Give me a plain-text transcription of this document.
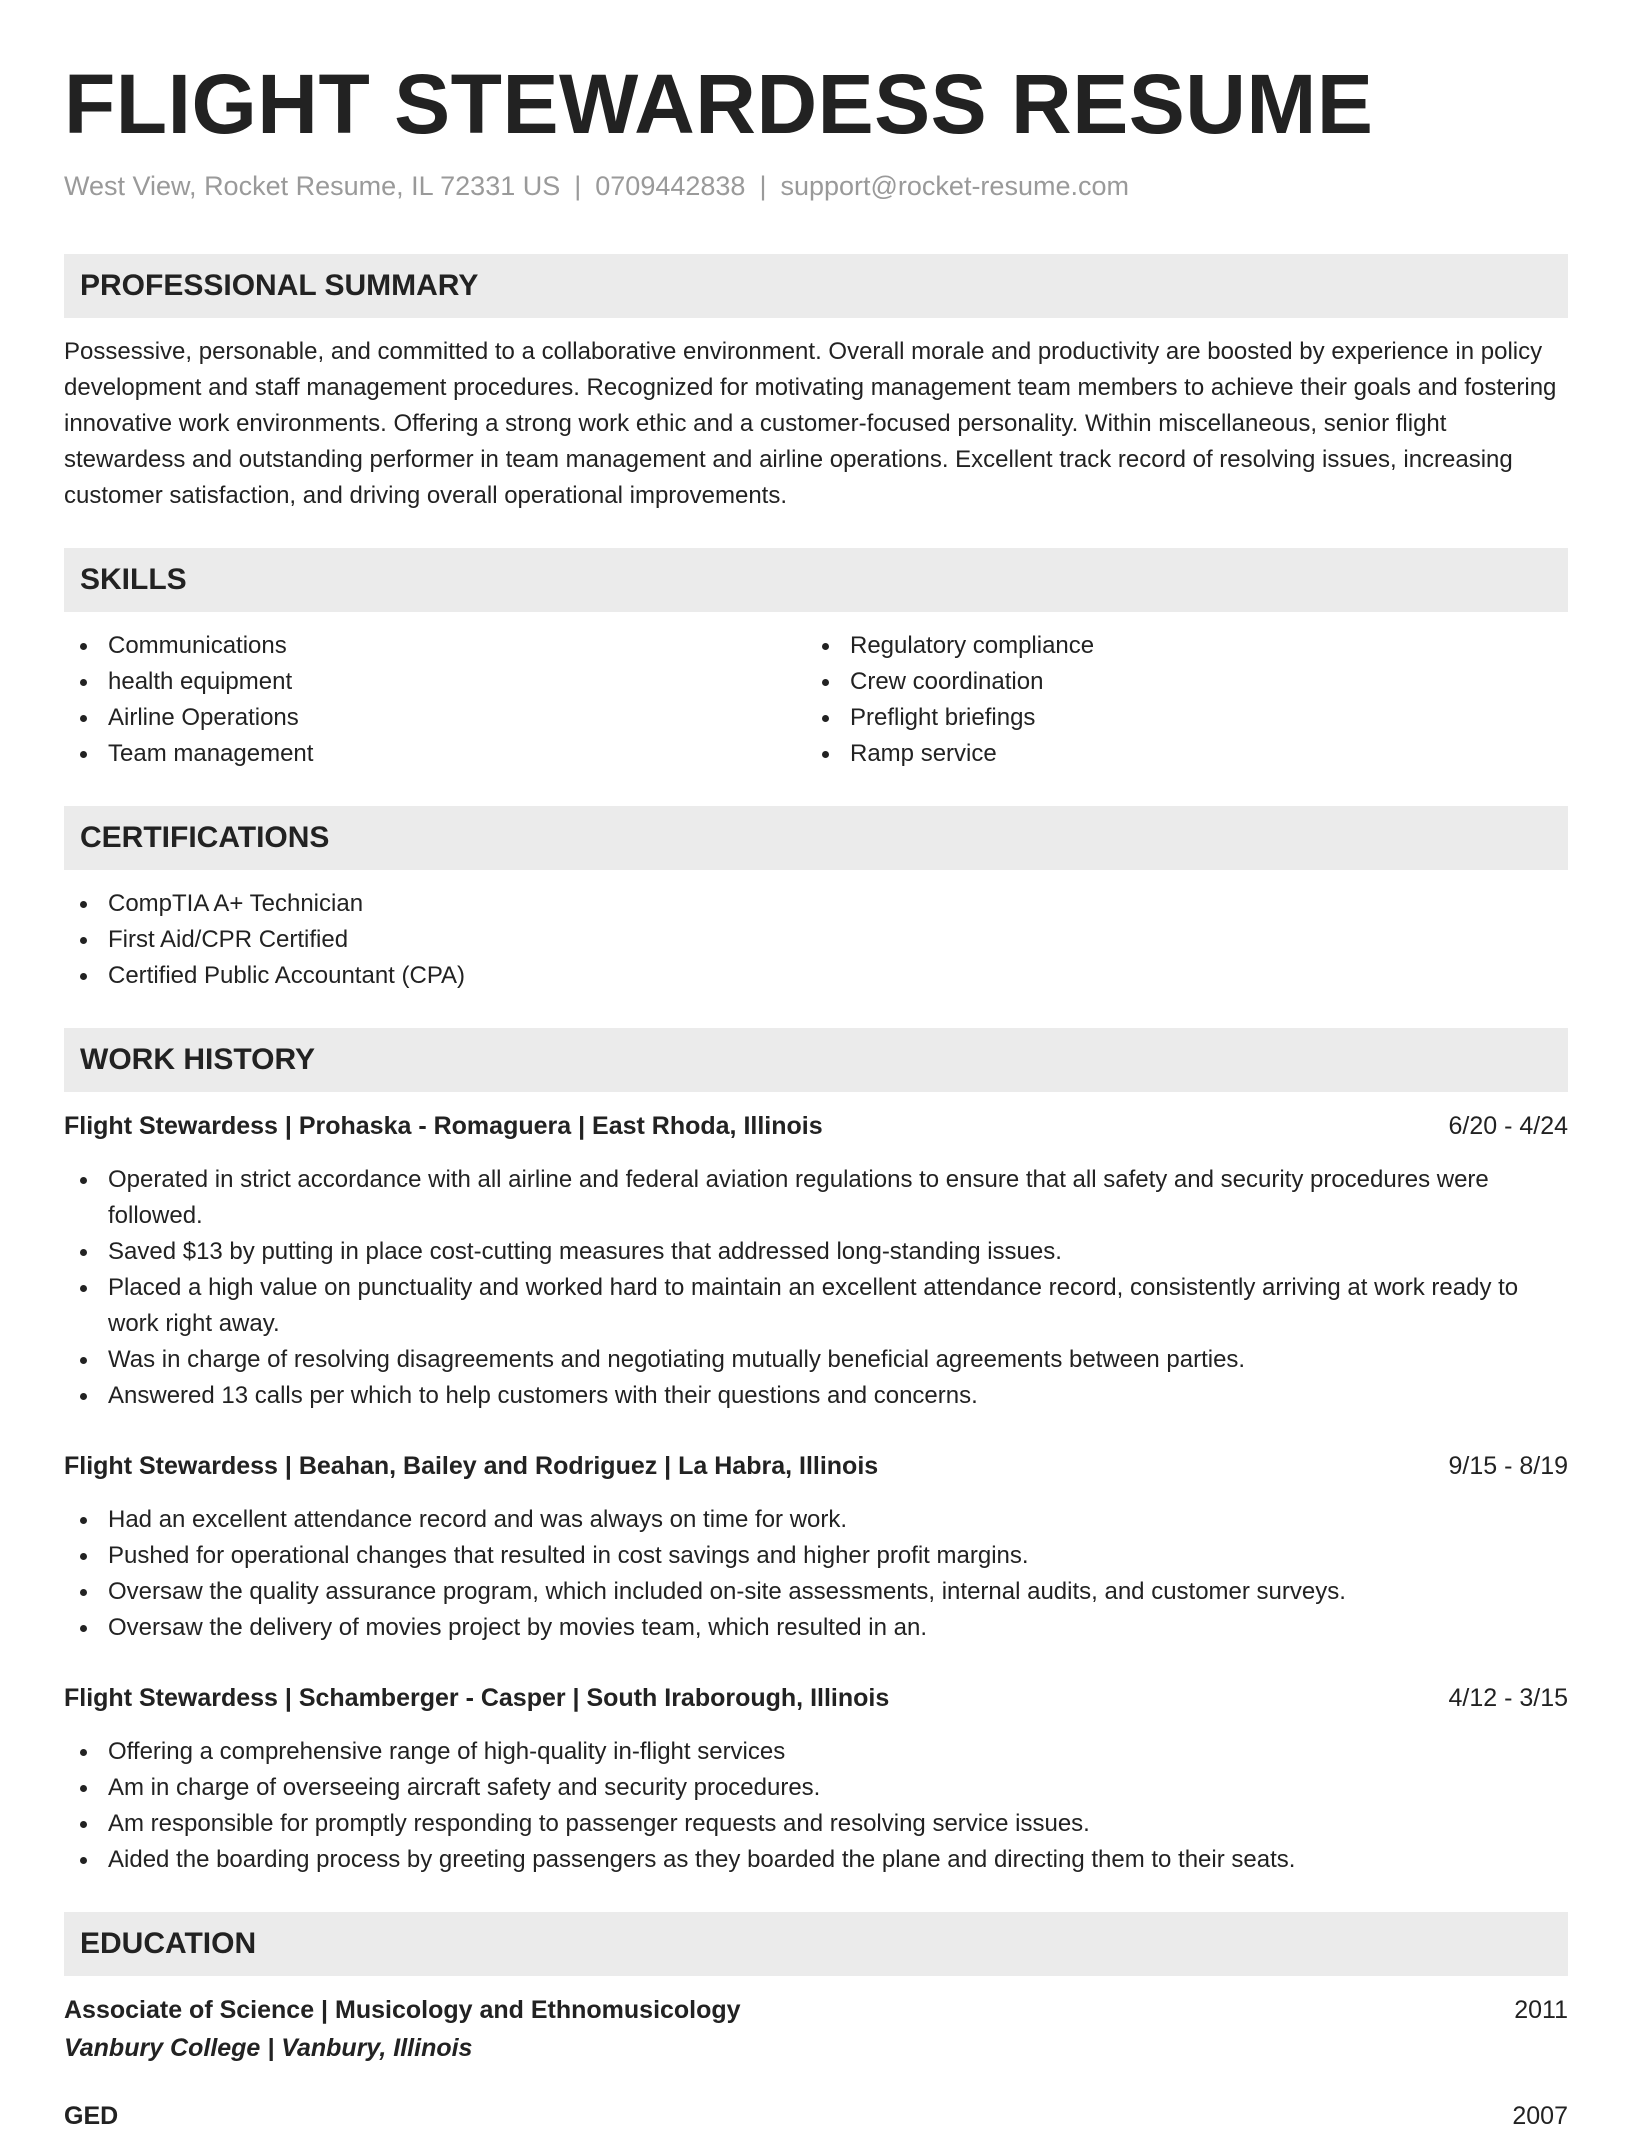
FLIGHT STEWARDESS RESUME
West View, Rocket Resume, IL 72331 US | 0709442838 | support@rocket-resume.com
PROFESSIONAL SUMMARY

Possessive, personable, and committed to a collaborative environment. Overall morale and productivity are boosted by experience in policy development and staff management procedures. Recognized for motivating management team members to achieve their goals and fostering innovative work environments. Offering a strong work ethic and a customer-focused personality. Within miscellaneous, senior flight stewardess and outstanding performer in team management and airline operations. Excellent track record of resolving issues, increasing customer satisfaction, and driving overall operational improvements.

SKILLS
Communications
health equipment
Airline Operations
Team management
Regulatory compliance
Crew coordination
Preflight briefings
Ramp service
CERTIFICATIONS
CompTIA A+ Technician
First Aid/CPR Certified
Certified Public Accountant (CPA)
WORK HISTORY
Flight Stewardess | Prohaska - Romaguera | East Rhoda, Illinois	6/20 - 4/24
Operated in strict accordance with all airline and federal aviation regulations to ensure that all safety and security procedures were followed.
Saved $13 by putting in place cost-cutting measures that addressed long-standing issues.
Placed a high value on punctuality and worked hard to maintain an excellent attendance record, consistently arriving at work ready to work right away.
Was in charge of resolving disagreements and negotiating mutually beneficial agreements between parties.
Answered 13 calls per which to help customers with their questions and concerns.
Flight Stewardess | Beahan, Bailey and Rodriguez | La Habra, Illinois	9/15 - 8/19
Had an excellent attendance record and was always on time for work.
Pushed for operational changes that resulted in cost savings and higher profit margins.
Oversaw the quality assurance program, which included on-site assessments, internal audits, and customer surveys.
Oversaw the delivery of movies project by movies team, which resulted in an.
Flight Stewardess | Schamberger - Casper | South Iraborough, Illinois	4/12 - 3/15
Offering a comprehensive range of high-quality in-flight services
Am in charge of overseeing aircraft safety and security procedures.
Am responsible for promptly responding to passenger requests and resolving service issues.
Aided the boarding process by greeting passengers as they boarded the plane and directing them to their seats.
EDUCATION
Associate of Science | Musicology and Ethnomusicology	2011
Vanbury College | Vanbury, Illinois
GED	2007
